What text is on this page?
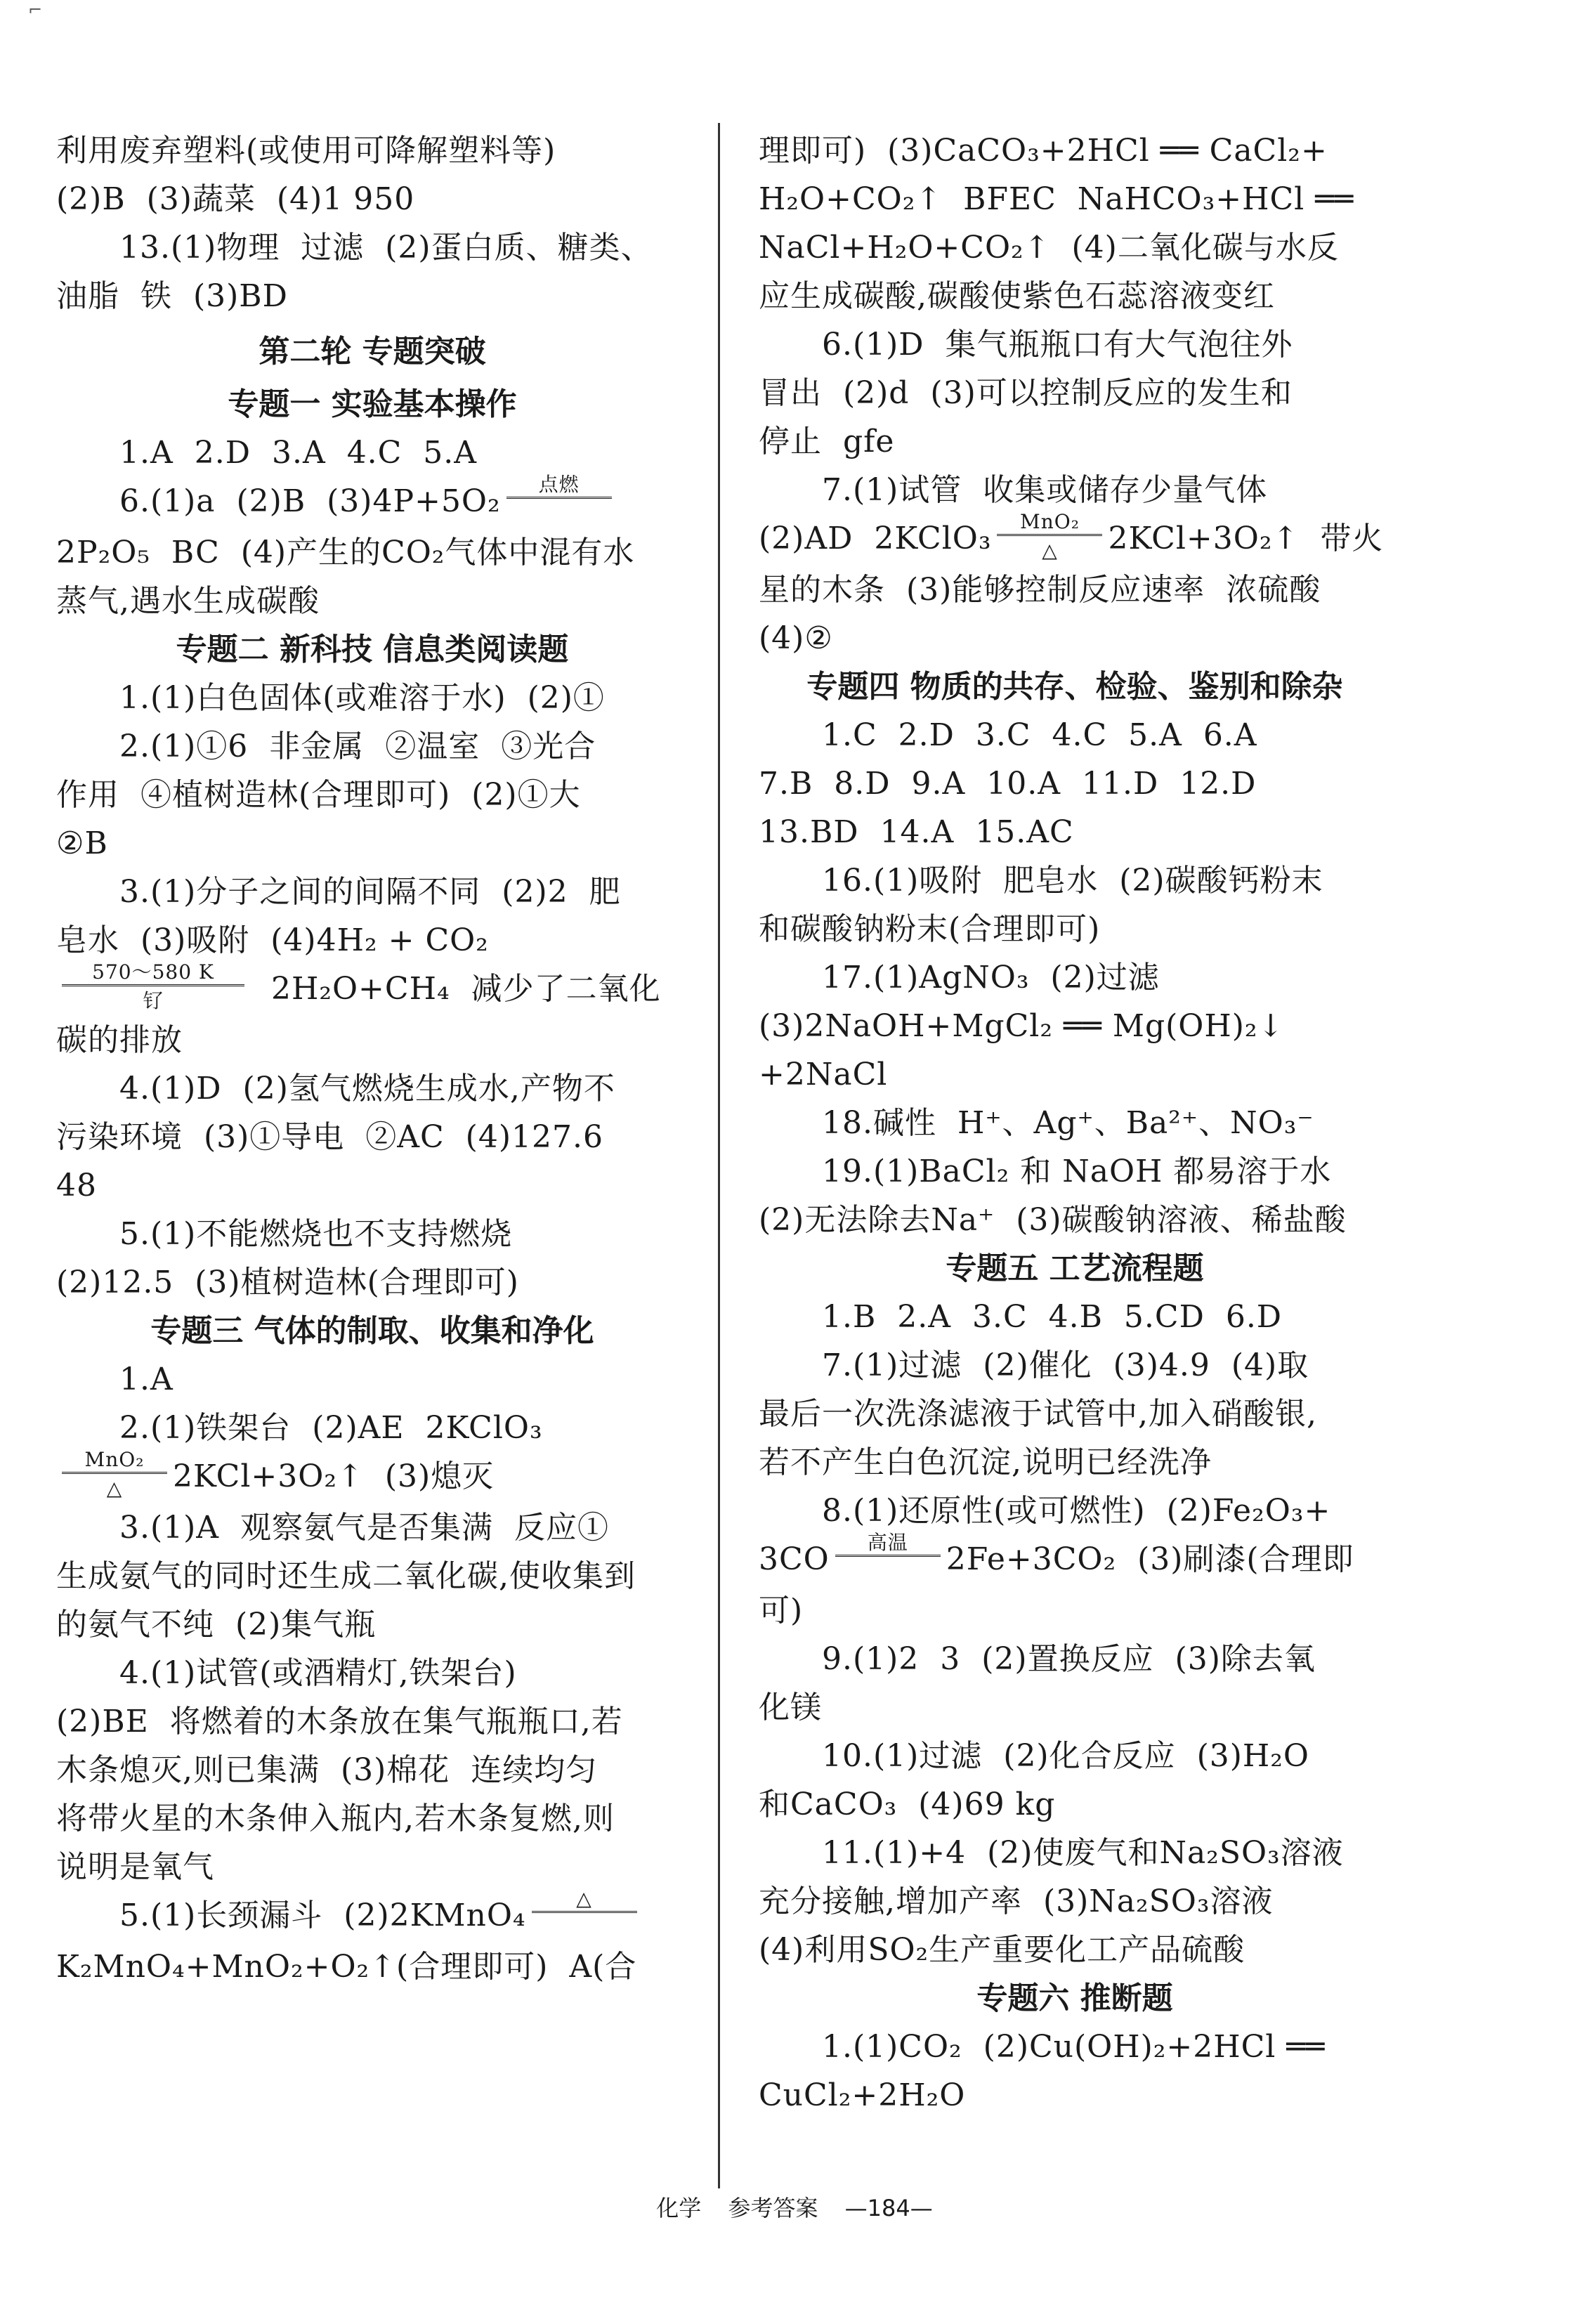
⌐
利用废弃塑料(或使用可降解塑料等)
(2)B  (3)蔬菜  (4)1 950
13.(1)物理  过滤  (2)蛋白质、糖类、
油脂  铁  (3)BD
第二轮 专题突破
专题一 实验基本操作
1.A  2.D  3.A  4.C  5.A
6.(1)a  (2)B  (3)4P+5O₂ 点燃
2P₂O₅  BC  (4)产生的CO₂气体中混有水
蒸气,遇水生成碳酸
专题二 新科技 信息类阅读题
1.(1)白色固体(或难溶于水)  (2)①
2.(1)①6  非金属  ②温室  ③光合
作用  ④植树造林(合理即可)  (2)①大
②B
3.(1)分子之间的间隔不同  (2)2  肥
皂水  (3)吸附  (4)4H₂ + CO₂
570～580 K
钌	2H₂O+CH₄  减少了二氧化
碳的排放
4.(1)D  (2)氢气燃烧生成水,产物不
污染环境  (3)①导电  ②AC  (4)127.6
48
5.(1)不能燃烧也不支持燃烧
(2)12.5  (3)植树造林(合理即可)
专题三 气体的制取、收集和净化
1.A
2.(1)铁架台  (2)AE  2KClO₃
MnO₂
△ 2KCl+3O₂↑  (3)熄灭
3.(1)A  观察氨气是否集满  反应①
生成氨气的同时还生成二氧化碳,使收集到
的氨气不纯  (2)集气瓶
4.(1)试管(或酒精灯,铁架台)
(2)BE  将燃着的木条放在集气瓶瓶口,若
木条熄灭,则已集满  (3)棉花  连续均匀
将带火星的木条伸入瓶内,若木条复燃,则
说明是氧气
5.(1)长颈漏斗  (2)2KMnO₄	△
K₂MnO₄+MnO₂+O₂↑(合理即可)  A(合
理即可)  (3)CaCO₃+2HCl ══ CaCl₂+
H₂O+CO₂↑  BFEC  NaHCO₃+HCl ══
NaCl+H₂O+CO₂↑  (4)二氧化碳与水反
应生成碳酸,碳酸使紫色石蕊溶液变红
6.(1)D  集气瓶瓶口有大气泡往外
冒出  (2)d  (3)可以控制反应的发生和
停止  gfe
7.(1)试管  收集或储存少量气体
(2)AD  2KClO₃ MnO₂
△ 2KCl+3O₂↑  带火
星的木条  (3)能够控制反应速率  浓硫酸
(4)②
专题四 物质的共存、检验、鉴别和除杂
1.C  2.D  3.C  4.C  5.A  6.A
7.B  8.D  9.A  10.A  11.D  12.D
13.BD  14.A  15.AC
16.(1)吸附  肥皂水  (2)碳酸钙粉末
和碳酸钠粉末(合理即可)
17.(1)AgNO₃  (2)过滤
(3)2NaOH+MgCl₂ ══ Mg(OH)₂↓
+2NaCl
18.碱性  H⁺、Ag⁺、Ba²⁺、NO₃⁻
19.(1)BaCl₂ 和 NaOH 都易溶于水
(2)无法除去Na⁺  (3)碳酸钠溶液、稀盐酸
专题五 工艺流程题
1.B  2.A  3.C  4.B  5.CD  6.D
7.(1)过滤  (2)催化  (3)4.9  (4)取
最后一次洗涤滤液于试管中,加入硝酸银,
若不产生白色沉淀,说明已经洗净
8.(1)还原性(或可燃性)  (2)Fe₂O₃+
3CO 高温 2Fe+3CO₂  (3)刷漆(合理即可)
9.(1)2  3  (2)置换反应  (3)除去氧
化镁
10.(1)过滤  (2)化合反应  (3)H₂O
和CaCO₃  (4)69 kg
11.(1)+4  (2)使废气和Na₂SO₃溶液
充分接触,增加产率  (3)Na₂SO₃溶液
(4)利用SO₂生产重要化工产品硫酸
专题六 推断题
1.(1)CO₂  (2)Cu(OH)₂+2HCl ══
CuCl₂+2H₂O
化学 参考答案 —184—
